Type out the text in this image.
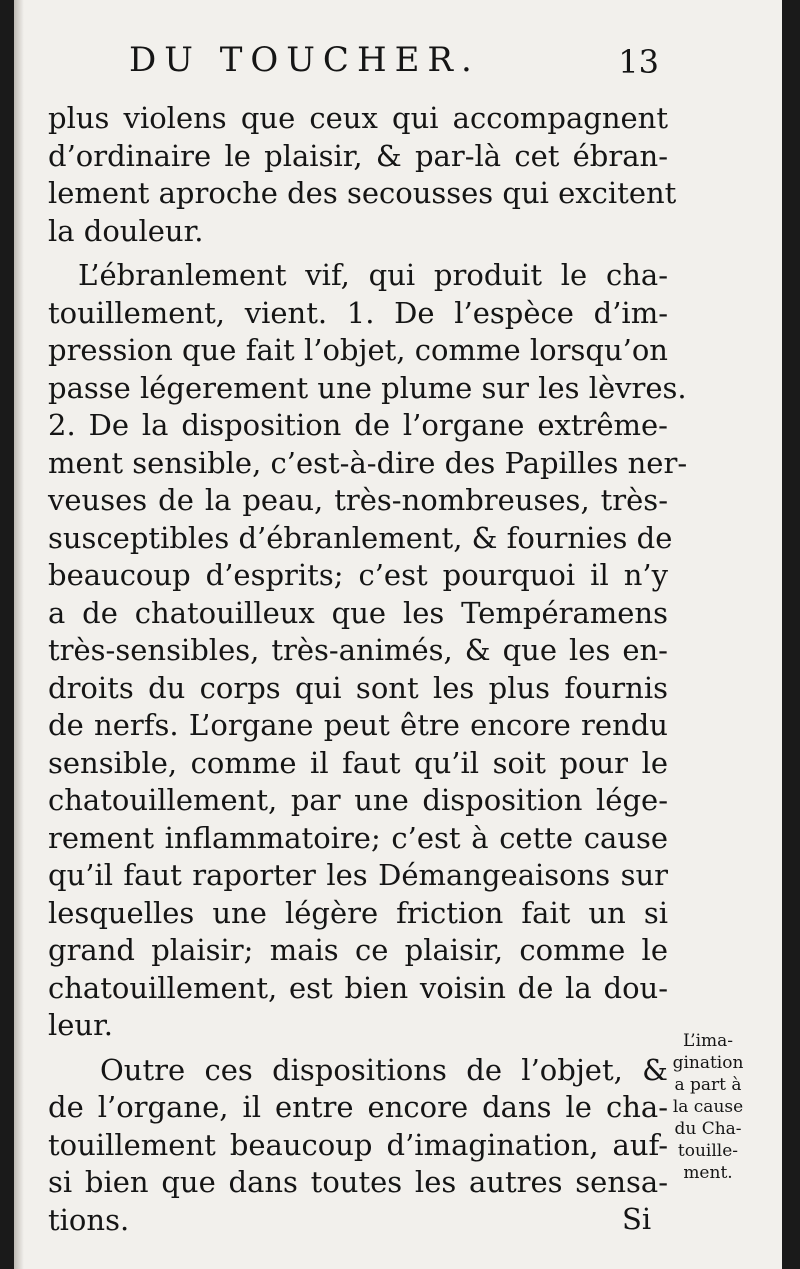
DU TOUCHER.	13

plus violens que ceux qui accompagnent
d’ordinaire le plaisir, & par-là cet ébran-
lement aproche des secousses qui excitent
la douleur.

L’ébranlement vif, qui produit le cha-
touillement, vient. 1. De l’espèce d’im-
pression que fait l’objet, comme lorsqu’on
passe légerement une plume sur les lèvres.
2. De la disposition de l’organe extrême-
ment sensible, c’est-à-dire des Papilles ner-
veuses de la peau, très-nombreuses, très-
susceptibles d’ébranlement, & fournies de
beaucoup d’esprits; c’est pourquoi il n’y
a de chatouilleux que les Tempéramens
très-sensibles, très-animés, & que les en-
droits du corps qui sont les plus fournis
de nerfs. L’organe peut être encore rendu
sensible, comme il faut qu’il soit pour le
chatouillement, par une disposition lége-
rement inflammatoire; c’est à cette cause
qu’il faut raporter les Démangeaisons sur
lesquelles une légère friction fait un si
grand plaisir; mais ce plaisir, comme le
chatouillement, est bien voisin de la dou-
leur.

Outre ces dispositions de l’objet, &
de l’organe, il entre encore dans le cha-
touillement beaucoup d’imagination, auf-
si bien que dans toutes les autres sensa-
tions.

L’ima-
gination
a part à
la cause
du Cha-
touille-
ment.
Si
